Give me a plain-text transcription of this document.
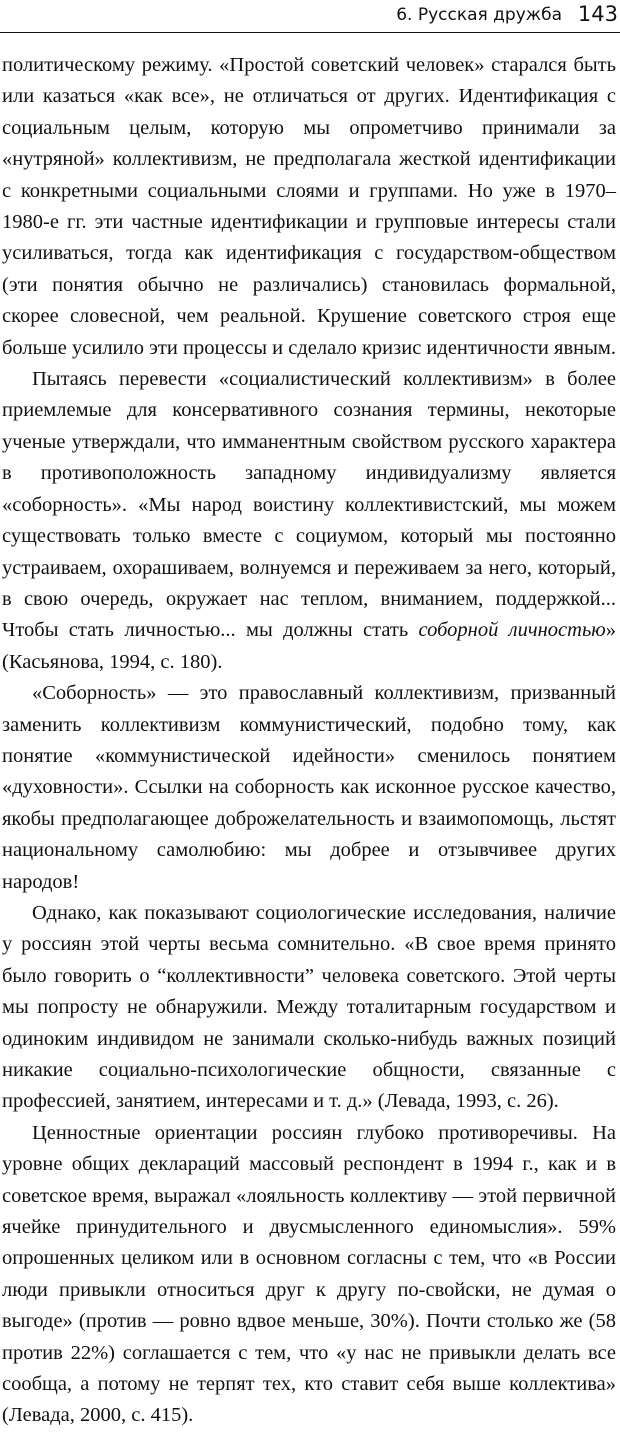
6. Русская дружба 143

политическому режиму. «Простой советский человек» старался быть или казаться «как все», не отличаться от других. Идентификация с социальным целым, которую мы опрометчиво принимали за «нутряной» коллективизм, не предполагала жесткой идентификации с конкретными социальными слоями и группами. Но уже в 1970–1980-е гг. эти частные идентификации и групповые интересы стали усиливаться, тогда как идентификация с государством-обществом (эти понятия обычно не различались) становилась формальной, скорее словесной, чем реальной. Крушение советского строя еще больше усилило эти процессы и сделало кризис идентичности явным.

Пытаясь перевести «социалистический коллективизм» в более приемлемые для консервативного сознания термины, некоторые ученые утверждали, что имманентным свойством русского характера в противоположность западному индивидуализму является «соборность». «Мы народ воистину коллективистский, мы можем существовать только вместе с социумом, который мы постоянно устраиваем, охорашиваем, волнуемся и переживаем за него, который, в свою очередь, окружает нас теплом, вниманием, поддержкой... Чтобы стать личностью... мы должны стать соборной личностью» (Касьянова, 1994, с. 180).

«Соборность» — это православный коллективизм, призванный заменить коллективизм коммунистический, подобно тому, как понятие «коммунистической идейности» сменилось понятием «духовности». Ссылки на соборность как исконное русское качество, якобы предполагающее доброжелательность и взаимопомощь, льстят национальному самолюбию: мы добрее и отзывчивее других народов!

Однако, как показывают социологические исследования, наличие у россиян этой черты весьма сомнительно. «В свое время принято было говорить о “коллективности” человека советского. Этой черты мы попросту не обнаружили. Между тоталитарным государством и одиноким индивидом не занимали сколько-нибудь важных позиций никакие социально-психологические общности, связанные с профессией, занятием, интересами и т. д.» (Левада, 1993, с. 26).

Ценностные ориентации россиян глубоко противоречивы. На уровне общих деклараций массовый респондент в 1994 г., как и в советское время, выражал «лояльность коллективу — этой первичной ячейке принудительного и двусмысленного единомыслия». 59% опрошенных целиком или в основном согласны с тем, что «в России люди привыкли относиться друг к другу по-свойски, не думая о выгоде» (против — ровно вдвое меньше, 30%). Почти столько же (58 против 22%) соглашается с тем, что «у нас не привыкли делать все сообща, а потому не терпят тех, кто ставит себя выше коллектива» (Левада, 2000, с. 415).
